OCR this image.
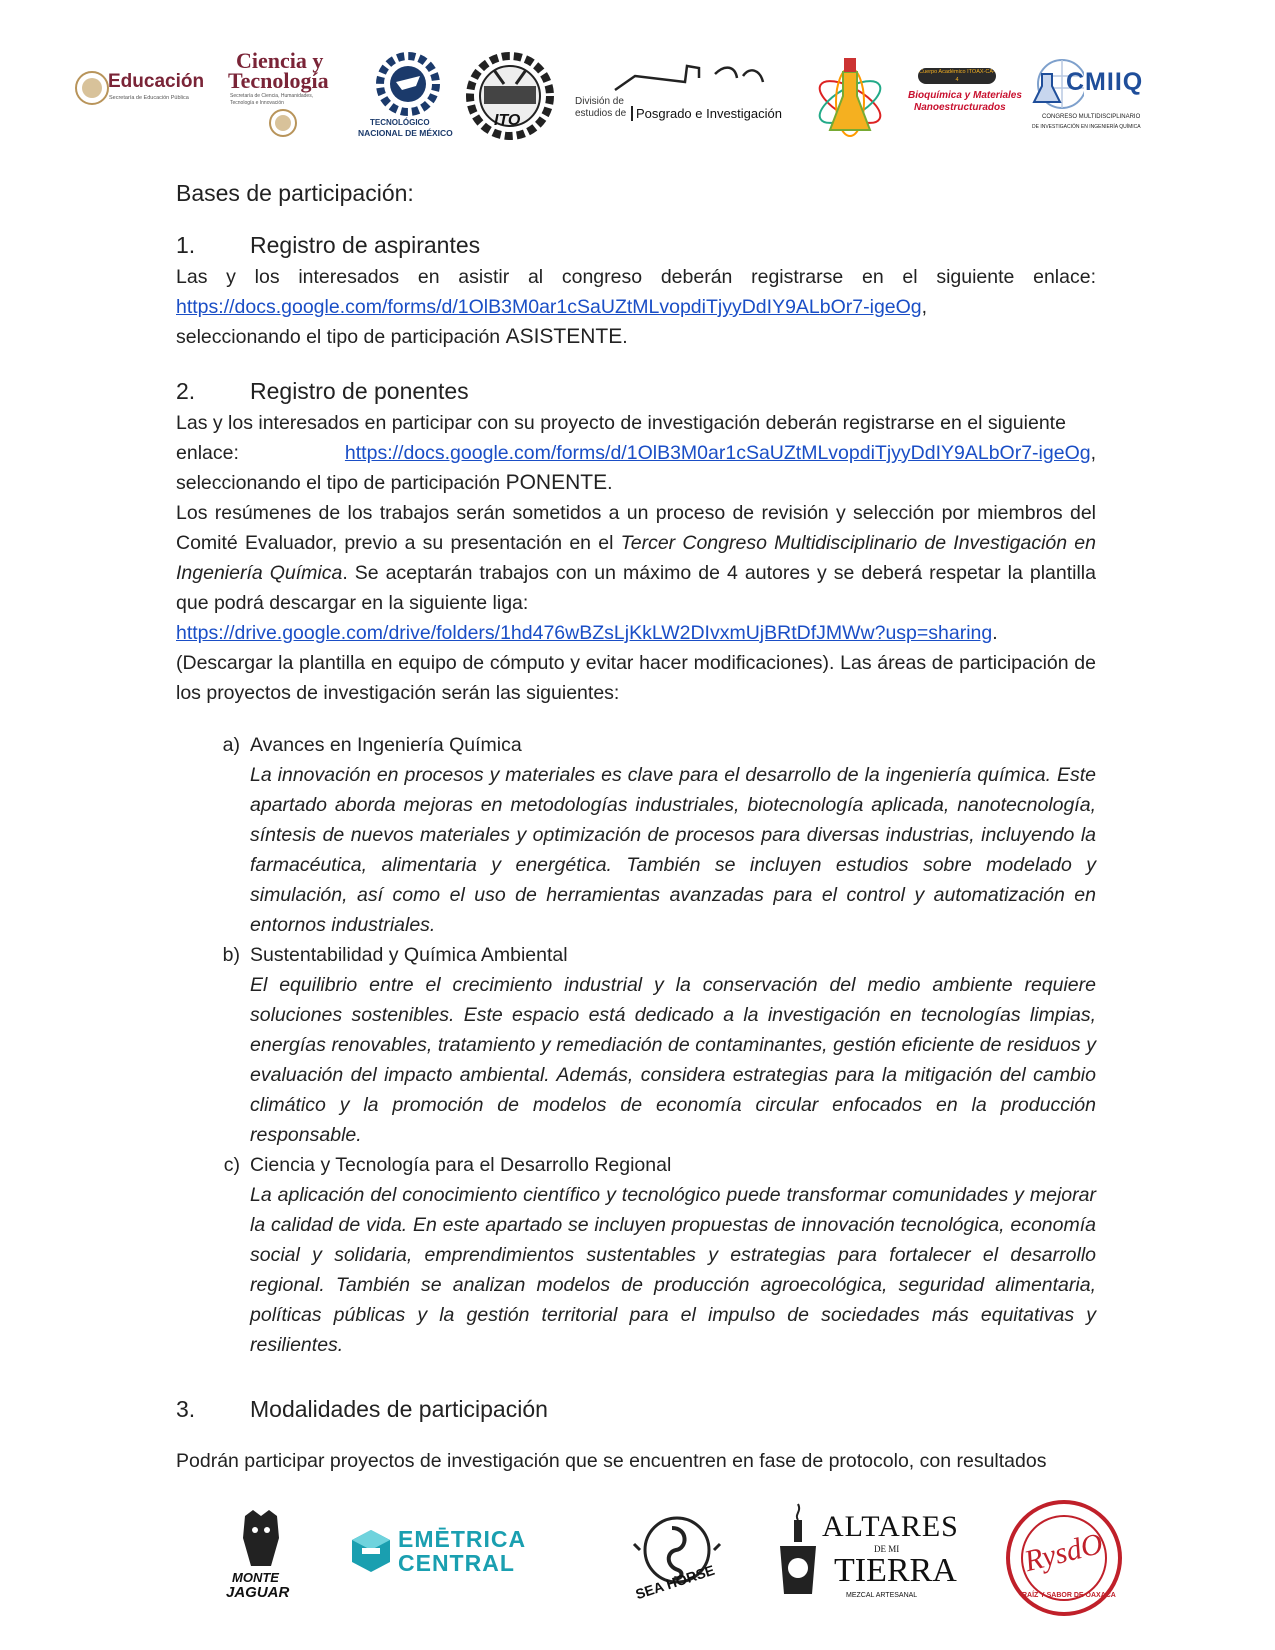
Educación
Secretaría de Educación Pública
Ciencia y
Tecnología
Secretaría de Ciencia, Humanidades,
Tecnología e Innovación
TECNOLÓGICO
NACIONAL DE MÉXICO
ITO
División de
estudios de Posgrado e Investigación
Cuerpo Académico ITOAX-CA-4
Bioquímica y Materiales
Nanoestructurados
CMIIQ
CONGRESO MULTIDISCIPLINARIO
DE INVESTIGACIÓN EN INGENIERÍA QUÍMICA
Bases de participación:
1.	Registro de aspirantes

Las y los interesados en asistir al congreso deberán registrarse en el siguiente enlace:

https://docs.google.com/forms/d/1OlB3M0ar1cSaUZtMLvopdiTjyyDdIY9ALbOr7-igeOg,

seleccionando el tipo de participación ASISTENTE.

2.	Registro de ponentes

Las y los interesados en participar con su proyecto de investigación deberán registrarse en el siguiente

enlace:	https://docs.google.com/forms/d/1OlB3M0ar1cSaUZtMLvopdiTjyyDdIY9ALbOr7-igeOg,

seleccionando el tipo de participación PONENTE.

Los resúmenes de los trabajos serán sometidos a un proceso de revisión y selección por miembros del Comité Evaluador, previo a su presentación en el Tercer Congreso Multidisciplinario de Investigación en Ingeniería Química. Se aceptarán trabajos con un máximo de 4 autores y se deberá respetar la plantilla que podrá descargar en la siguiente liga:

https://drive.google.com/drive/folders/1hd476wBZsLjKkLW2DIvxmUjBRtDfJMWw?usp=sharing.

(Descargar la plantilla en equipo de cómputo y evitar hacer modificaciones). Las áreas de participación de los proyectos de investigación serán las siguientes:

a) Avances en Ingeniería Química
La innovación en procesos y materiales es clave para el desarrollo de la ingeniería química. Este apartado aborda mejoras en metodologías industriales, biotecnología aplicada, nanotecnología, síntesis de nuevos materiales y optimización de procesos para diversas industrias, incluyendo la farmacéutica, alimentaria y energética. También se incluyen estudios sobre modelado y simulación, así como el uso de herramientas avanzadas para el control y automatización en entornos industriales.
b) Sustentabilidad y Química Ambiental
El equilibrio entre el crecimiento industrial y la conservación del medio ambiente requiere soluciones sostenibles. Este espacio está dedicado a la investigación en tecnologías limpias, energías renovables, tratamiento y remediación de contaminantes, gestión eficiente de residuos y evaluación del impacto ambiental. Además, considera estrategias para la mitigación del cambio climático y la promoción de modelos de economía circular enfocados en la producción responsable.
c) Ciencia y Tecnología para el Desarrollo Regional
La aplicación del conocimiento científico y tecnológico puede transformar comunidades y mejorar la calidad de vida. En este apartado se incluyen propuestas de innovación tecnológica, economía social y solidaria, emprendimientos sustentables y estrategias para fortalecer el desarrollo regional. También se analizan modelos de producción agroecológica, seguridad alimentaria, políticas públicas y la gestión territorial para el impulso de sociedades más equitativas y resilientes.
3.	Modalidades de participación

Podrán participar proyectos de investigación que se encuentren en fase de protocolo, con resultados

MONTE
JAGUAR
EMĒTRICA
CENTRAL	SEA HORSE
ALTARES
DE MI
TIERRA
MEZCAL ARTESANAL
RysdO
RAÍZ Y SABOR DE OAXACA
